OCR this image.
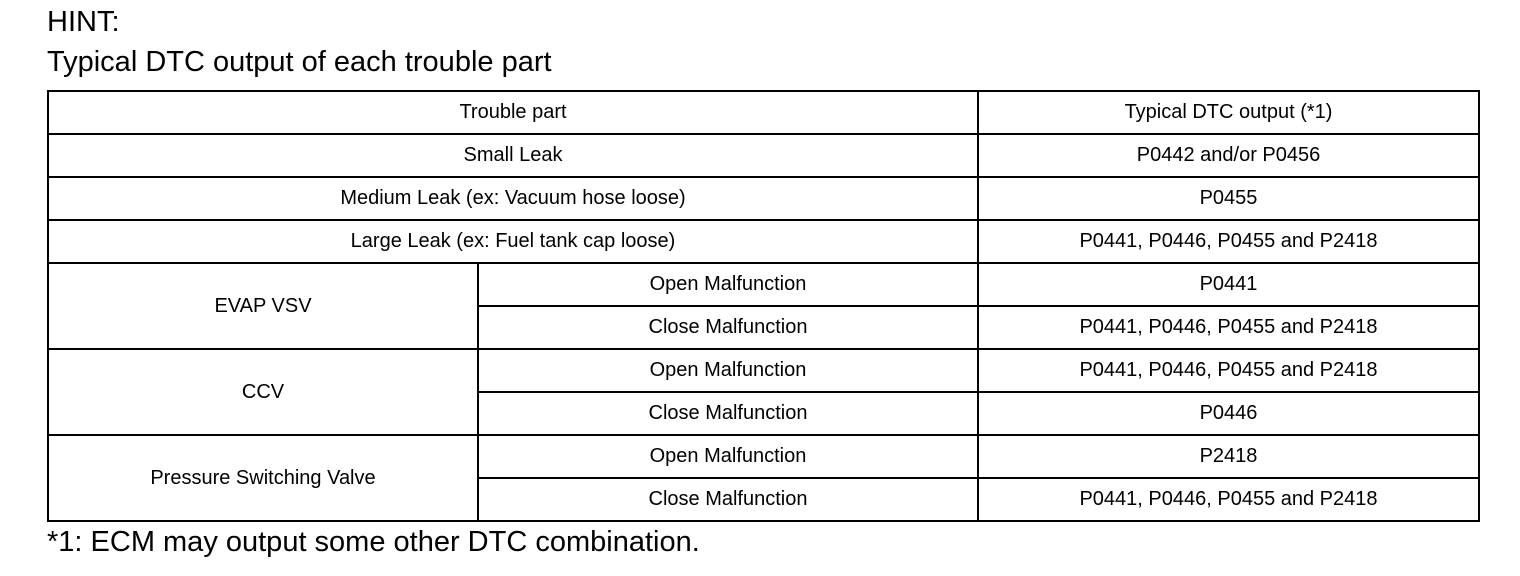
HINT:
Typical DTC output of each trouble part
Trouble part		Typical DTC output (*1)
Small Leak		P0442 and/or P0456
Medium Leak (ex: Vacuum hose loose)		P0455
Large Leak (ex: Fuel tank cap loose)		P0441, P0446, P0455 and P2418
EVAP VSV	Open Malfunction	P0441
	Close Malfunction	P0441, P0446, P0455 and P2418
CCV	Open Malfunction	P0441, P0446, P0455 and P2418
	Close Malfunction	P0446
Pressure Switching Valve	Open Malfunction	P2418
	Close Malfunction	P0441, P0446, P0455 and P2418
*1: ECM may output some other DTC combination.
